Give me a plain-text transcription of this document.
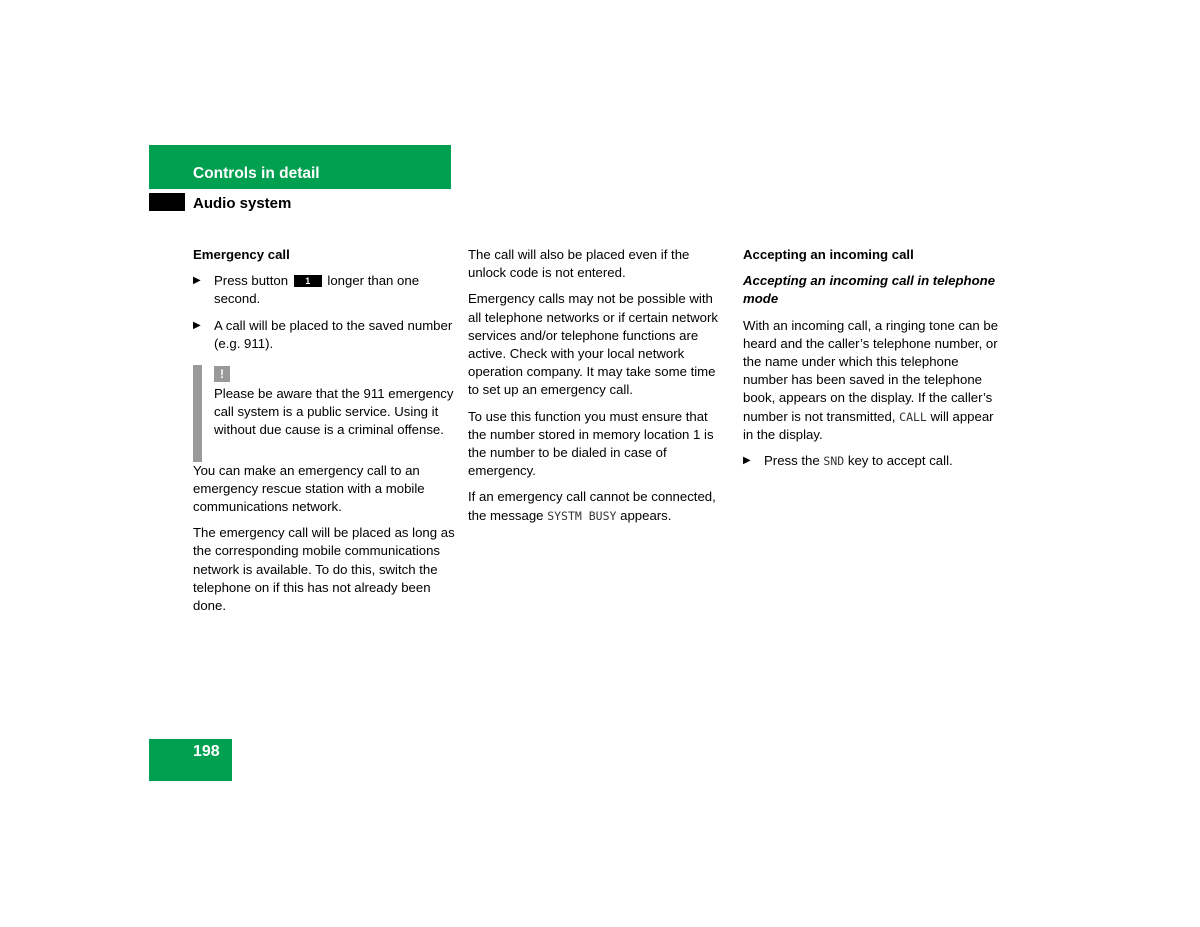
Controls in detail
Audio system
Emergency call
▶ Press button 1 longer than one second.
▶ A call will be placed to the saved number (e.g. 911).
!
Please be aware that the 911 emergency call system is a public service. Using it without due cause is a criminal offense.

You can make an emergency call to an emergency rescue station with a mobile communications network.

The emergency call will be placed as long as the corresponding mobile communications network is available. To do this, switch the telephone on if this has not already been done.

The call will also be placed even if the unlock code is not entered.

Emergency calls may not be possible with all telephone networks or if certain network services and/or telephone functions are active. Check with your local network operation company. It may take some time to set up an emergency call.

To use this function you must ensure that the number stored in memory location 1 is the number to be dialed in case of emergency.

If an emergency call cannot be connected, the message SYSTM BUSY appears.

Accepting an incoming call
Accepting an incoming call in telephone mode

With an incoming call, a ringing tone can be heard and the caller’s telephone number, or the name under which this telephone number has been saved in the telephone book, appears on the display. If the caller’s number is not transmitted, CALL will appear in the display.

▶ Press the SND key to accept call.
198
